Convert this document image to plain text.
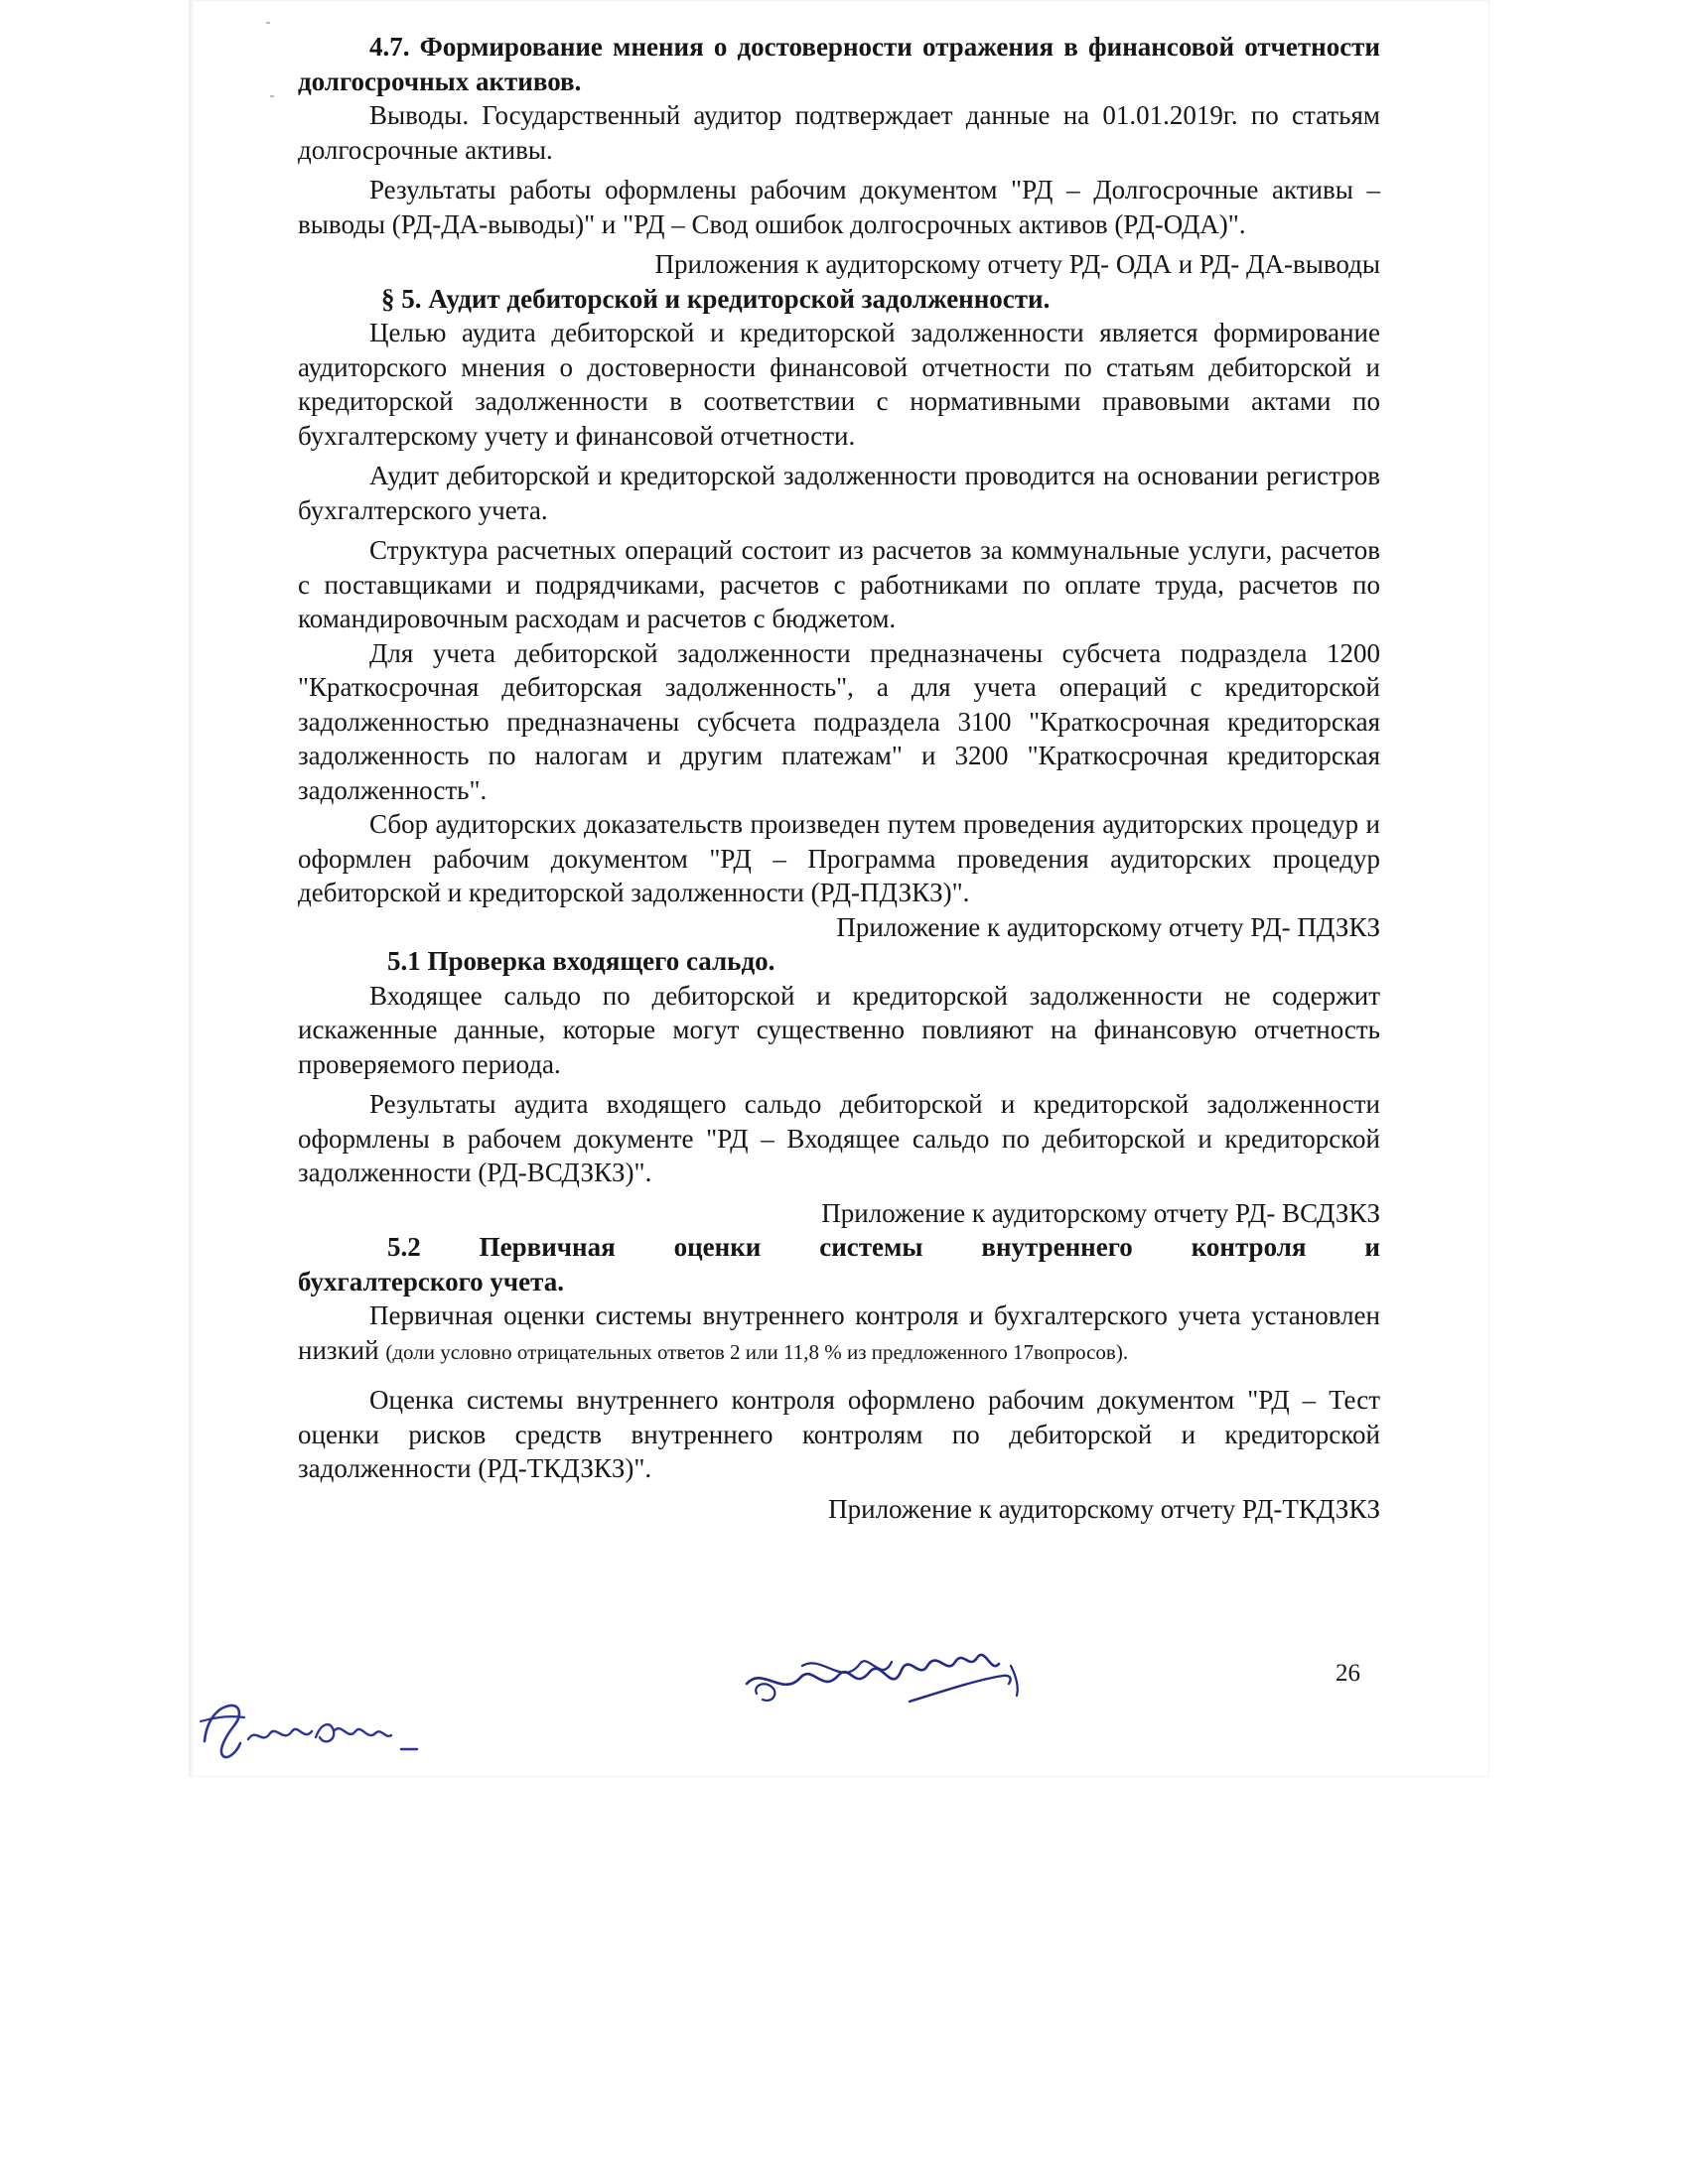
4.7. Формирование мнения о достоверности отражения в финансовой отчетности долгосрочных активов.

Выводы. Государственный аудитор подтверждает данные на 01.01.2019г. по статьям долгосрочные активы.

Результаты работы оформлены рабочим документом "РД – Долгосрочные активы – выводы (РД-ДА-выводы)" и "РД – Свод ошибок долгосрочных активов (РД-ОДА)".

Приложения к аудиторскому отчету РД- ОДА и РД- ДА-выводы

§ 5. Аудит дебиторской и кредиторской задолженности.

Целью аудита дебиторской и кредиторской задолженности является формирование аудиторского мнения о достоверности финансовой отчетности по статьям дебиторской и кредиторской задолженности в соответствии с нормативными правовыми актами по бухгалтерскому учету и финансовой отчетности.

Аудит дебиторской и кредиторской задолженности проводится на основании регистров бухгалтерского учета.

Структура расчетных операций состоит из расчетов за коммунальные услуги, расчетов с поставщиками и подрядчиками, расчетов с работниками по оплате труда, расчетов по командировочным расходам и расчетов с бюджетом.

Для учета дебиторской задолженности предназначены субсчета подраздела 1200 "Краткосрочная дебиторская задолженность", а для учета операций с кредиторской задолженностью предназначены субсчета подраздела 3100 "Краткосрочная кредиторская задолженность по налогам и другим платежам" и 3200 "Краткосрочная кредиторская задолженность".

Сбор аудиторских доказательств произведен путем проведения аудиторских процедур и оформлен рабочим документом "РД – Программа проведения аудиторских процедур дебиторской и кредиторской задолженности (РД-ПДЗКЗ)".

Приложение к аудиторскому отчету РД- ПДЗКЗ

5.1 Проверка входящего сальдо.

Входящее сальдо по дебиторской и кредиторской задолженности не содержит искаженные данные, которые могут существенно повлияют на финансовую отчетность проверяемого периода.

Результаты аудита входящего сальдо дебиторской и кредиторской задолженности оформлены в рабочем документе "РД – Входящее сальдо по дебиторской и кредиторской задолженности (РД-ВСДЗКЗ)".

Приложение к аудиторскому отчету РД- ВСДЗКЗ

5.2 Первичная оценки системы внутреннего контроля и
бухгалтерского учета.

Первичная оценки системы внутреннего контроля и бухгалтерского учета установлен низкий (доли условно отрицательных ответов 2 или 11,8 % из предложенного 17вопросов).

Оценка системы внутреннего контроля оформлено рабочим документом "РД – Тест оценки рисков средств внутреннего контролям по дебиторской и кредиторской задолженности (РД-ТКДЗКЗ)".

Приложение к аудиторскому отчету РД-ТКДЗКЗ

26
